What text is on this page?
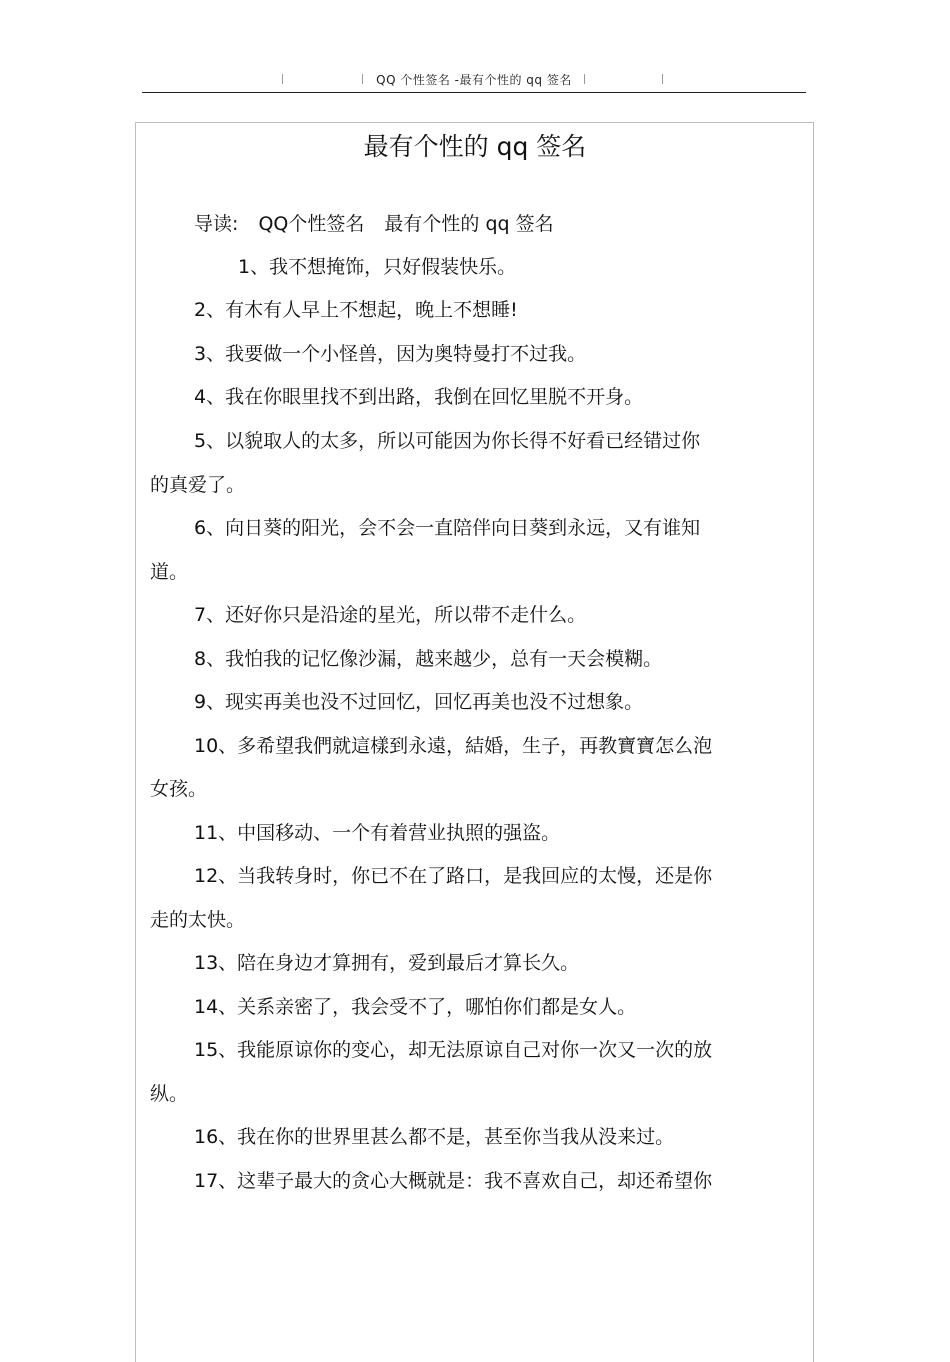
QQ 个性签名 -最有个性的 qq 签名
最有个性的 qq 签名
导读: QQ个性签名 最有个性的 qq 签名
1、我不想掩饰，只好假装快乐。
2、有木有人早上不想起，晚上不想睡!
3、我要做一个小怪兽，因为奥特曼打不过我。
4、我在你眼里找不到出路，我倒在回忆里脱不开身。
5、以貌取人的太多，所以可能因为你长得不好看已经错过你
的真爱了。
6、向日葵的阳光，会不会一直陪伴向日葵到永远，又有谁知
道。
7、还好你只是沿途的星光，所以带不走什么。
8、我怕我的记忆像沙漏，越来越少，总有一天会模糊。
9、现实再美也没不过回忆，回忆再美也没不过想象。
10、多希望我們就這樣到永遠，結婚，生子，再教寶寶怎么泡
女孩。
11、中国移动、一个有着营业执照的强盗。
12、当我转身时，你已不在了路口，是我回应的太慢，还是你
走的太快。
13、陪在身边才算拥有，爱到最后才算长久。
14、关系亲密了，我会受不了，哪怕你们都是女人。
15、我能原谅你的变心，却无法原谅自己对你一次又一次的放
纵。
16、我在你的世界里甚么都不是，甚至你当我从没来过。
17、这辈子最大的贪心大概就是：我不喜欢自己，却还希望你
